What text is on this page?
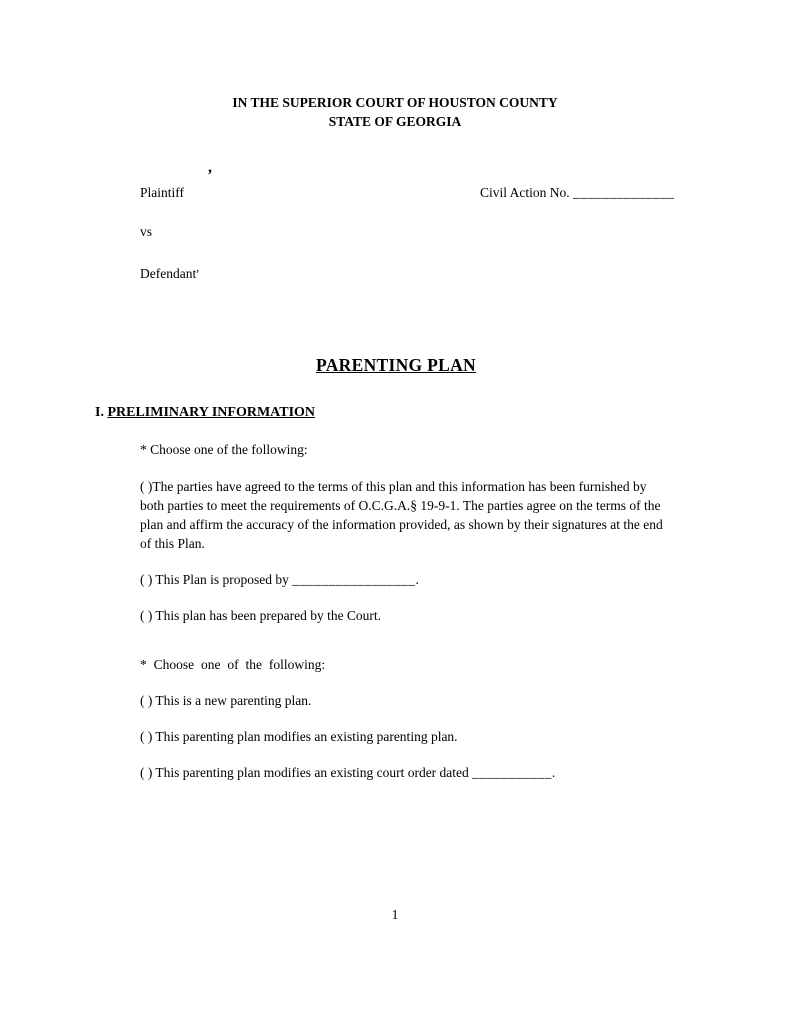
IN THE SUPERIOR COURT OF HOUSTON COUNTY
STATE OF GEORGIA
,
Plaintiff	Civil Action No. ______________
vs
Defendant,
PARENTING PLAN
I. PRELIMINARY INFORMATION
* Choose one of the following:
( )The parties have agreed to the terms of this plan and this information has been furnished by both parties to meet the requirements of O.C.G.A.§ 19-9-1. The parties agree on the terms of the plan and affirm the accuracy of the information provided, as shown by their signatures at the end of this Plan.
( ) This Plan is proposed by _________________.
( ) This plan has been prepared by the Court.
* Choose one of the following:
( ) This is a new parenting plan.
( ) This parenting plan modifies an existing parenting plan.
( ) This parenting plan modifies an existing court order dated ___________.
1
